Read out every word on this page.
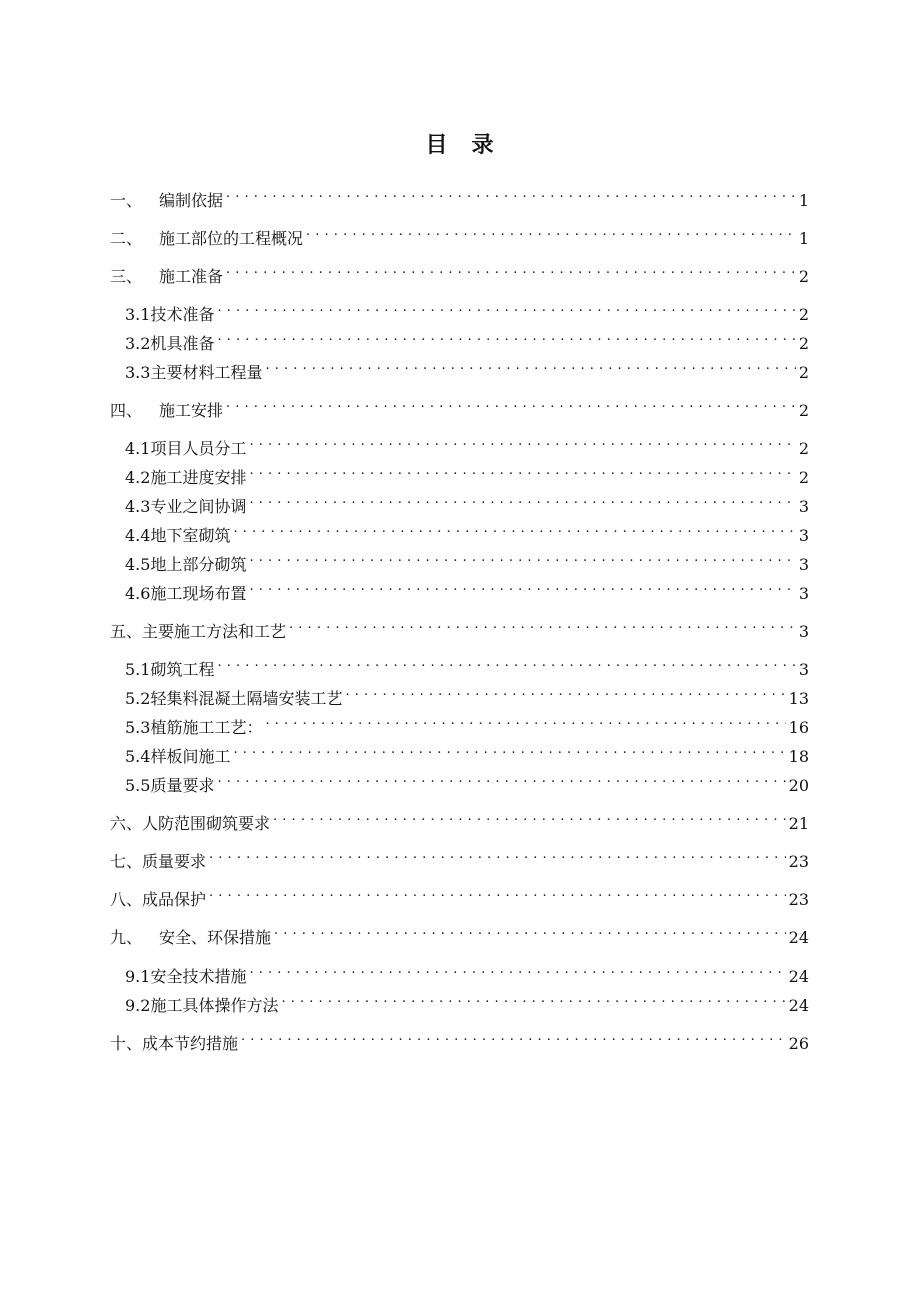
目　录
一、	编制依据 . . .	1
二、	施工部位的工程概况 . . .	1
三、	施工准备 . . .	2
3.1 技术准备 . . .	2
3.2 机具准备 . . .	2
3.3 主要材料工程量 . . .	2
四、	施工安排 . . .	2
4.1 项目人员分工 . . .	2
4.2 施工进度安排 . . .	2
4.3 专业之间协调 . . .	3
4.4 地下室砌筑 . . .	3
4.5 地上部分砌筑 . . .	3
4.6 施工现场布置 . . .	3
五、 主要施工方法和工艺 . . .	3
5.1 砌筑工程 . . .	3
5.2 轻集料混凝土隔墙安装工艺 . . .	13
5.3 植筋施工工艺： . . .	16
5.4 样板间施工 . . .	18
5.5 质量要求 . . .	20
六、 人防范围砌筑要求 . . .	21
七、 质量要求 . . .	23
八、 成品保护 . . .	23
九、	安全、环保措施 . . .	24
9.1 安全技术措施 . . .	24
9.2 施工具体操作方法 . . .	24
十、 成本节约措施 . . .	26
